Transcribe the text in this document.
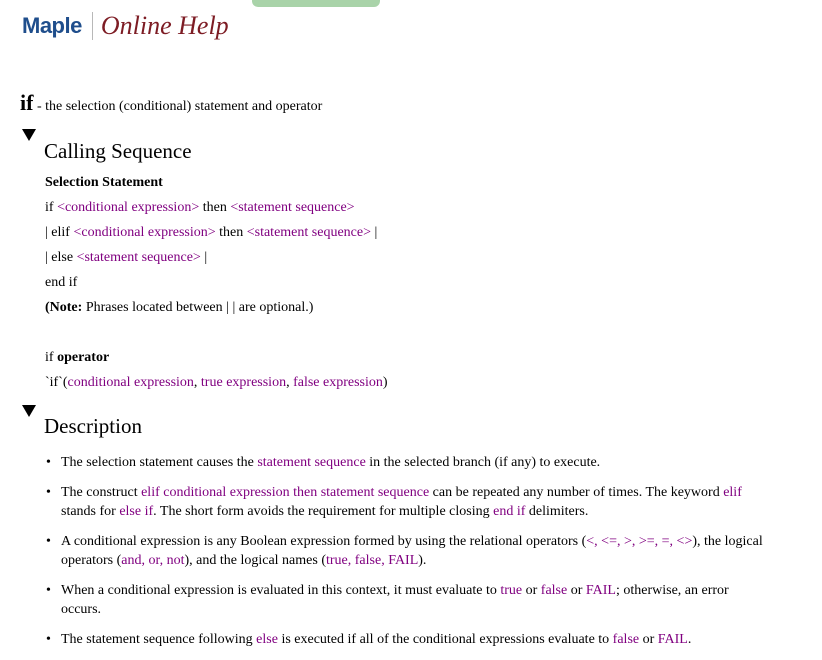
Maple Online Help
if - the selection (conditional) statement and operator
Calling Sequence
Selection Statement
if <conditional expression> then <statement sequence>
| elif <conditional expression> then <statement sequence> |
| else <statement sequence> |
end if
(Note: Phrases located between | | are optional.)
if operator
`if`(conditional expression, true expression, false expression)
Description
• The selection statement causes the statement sequence in the selected branch (if any) to execute.
• The construct elif conditional expression then statement sequence can be repeated any number of times. The keyword elif stands for else if. The short form avoids the requirement for multiple closing end if delimiters.
• A conditional expression is any Boolean expression formed by using the relational operators (<, <=, >, >=, =, <>), the logical operators (and, or, not), and the logical names (true, false, FAIL).
• When a conditional expression is evaluated in this context, it must evaluate to true or false or FAIL; otherwise, an error occurs.
• The statement sequence following else is executed if all of the conditional expressions evaluate to false or FAIL.
